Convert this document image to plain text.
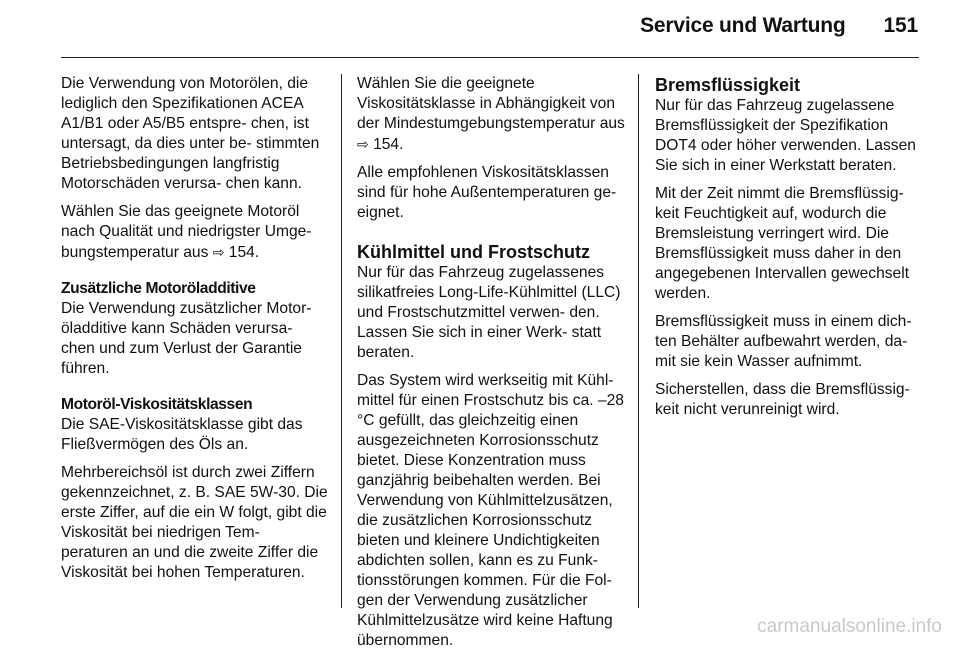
Service und Wartung 151

Die Verwendung von Motorölen, die lediglich den Spezifikationen ACEA A1/B1 oder A5/B5 entspre- chen, ist untersagt, da dies unter be- stimmten Betriebsbedingungen langfristig Motorschäden verursa- chen kann.

Wählen Sie das geeignete Motoröl nach Qualität und niedrigster Umge- bungstemperatur aus ⇨ 154.

Zusätzliche Motoröladditive

Die Verwendung zusätzlicher Motor- öladditive kann Schäden verursa- chen und zum Verlust der Garantie führen.

Motoröl-Viskositätsklassen

Die SAE-Viskositätsklasse gibt das Fließvermögen des Öls an.

Mehrbereichsöl ist durch zwei Ziffern gekennzeichnet, z. B. SAE 5W-30. Die erste Ziffer, auf die ein W folgt, gibt die Viskosität bei niedrigen Tem- peraturen an und die zweite Ziffer die Viskosität bei hohen Temperaturen.

Wählen Sie die geeignete Viskositätsklasse in Abhängigkeit von der Mindestumgebungstemperatur aus ⇨ 154.

Alle empfohlenen Viskositätsklassen sind für hohe Außentemperaturen ge- eignet.

Kühlmittel und Frostschutz

Nur für das Fahrzeug zugelassenes silikatfreies Long-Life-Kühlmittel (LLC) und Frostschutzmittel verwen- den. Lassen Sie sich in einer Werk- statt beraten.

Das System wird werkseitig mit Kühl- mittel für einen Frostschutz bis ca. –28 °C gefüllt, das gleichzeitig einen ausgezeichneten Korrosionsschutz bietet. Diese Konzentration muss ganzjährig beibehalten werden. Bei Verwendung von Kühlmittelzusätzen, die zusätzlichen Korrosionsschutz bieten und kleinere Undichtigkeiten abdichten sollen, kann es zu Funk- tionsstörungen kommen. Für die Fol- gen der Verwendung zusätzlicher Kühlmittelzusätze wird keine Haftung übernommen.

Bremsflüssigkeit

Nur für das Fahrzeug zugelassene Bremsflüssigkeit der Spezifikation DOT4 oder höher verwenden. Lassen Sie sich in einer Werkstatt beraten.

Mit der Zeit nimmt die Bremsflüssig- keit Feuchtigkeit auf, wodurch die Bremsleistung verringert wird. Die Bremsflüssigkeit muss daher in den angegebenen Intervallen gewechselt werden.

Bremsflüssigkeit muss in einem dich- ten Behälter aufbewahrt werden, da- mit sie kein Wasser aufnimmt.

Sicherstellen, dass die Bremsflüssig- keit nicht verunreinigt wird.

carmanualsonline.info
